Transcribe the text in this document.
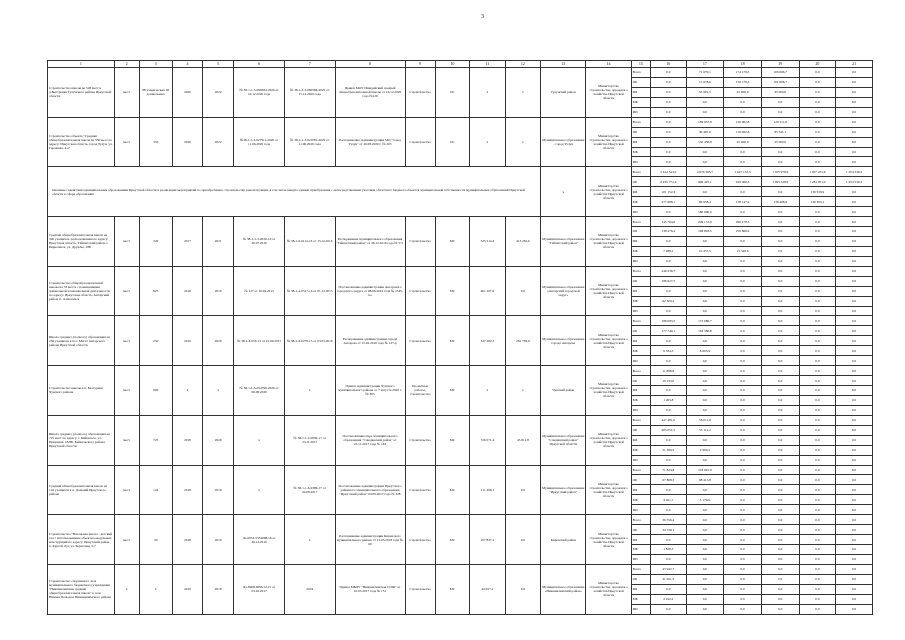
3
1	2	3	4	5	6	7	8	9	10	11	12	13	14	15	16	17	18	19	20	21
Строительство школы на 528 мест в д.Быстровка Тулунского района Иркутской области	мест	88 ученических 40 дошкольных	2020	2022	№ 38-1-1-3-069584-2020 от 10.12.2020 года	№ 38-1-1-3-069584-2020 от 15.12.2020 года	Приказ МОУ Ишидейский средней общеобразовательной школы от 16.12.2020 года №120	Строительство	ОС	х	х	Тулунский район	Министерство строительства, дорожного хозяйства Иркутской области	Всего	0,0	71 670,1	174 179,5	106 666,7	0,0	0,0
														ОБ	0,0	15 678,6	159 179,5	101 666,7	0,0	0,0
														ФБ	0,0	55 991,5	45 000,0	45 000,0	0,0	0,0
														МБ	0,0	0,0	0,0	0,0	0,0	0,0
														ИИ	0,0	0,0	0,0	0,0	0,0	0,0
Строительство объекта "Средняя общеобразовательная школа на 350 мест по адресу: Иркутская область, город Тулун, ул. Гаражная, 4-а"	мест	350	2020	2022	№38-1-1-3-027911-2020 от 11.06.2020 года	№ 38-1-1-3-021081-2020 от 11.06.2020 года	Распоряжение Администрации МО "город Тулун" от 26.08.2020 г. № 203	Строительство	ОС	х	х	Муниципальное образование - город Тулун	Министерство строительства, дорожного хозяйства Иркутской области	Всего	0,0	189 937,9	156 962,8	120 511,8	0,0	0,0
														ОБ	0,0	39 487,0	110 962,8	85 541,1	0,0	0,0
														ФБ	0,0	150 450,9	45 000,0	35 000,0	0,0	0,0
														МБ	0,0	0,0	0,0	0,0	0,0	0,0
														ИИ	0,0	0,0	0,0	0,0	0,0	0,0
Оказание содействия муниципальным образованиям Иркутской области в реализации мероприятий по приобретению, строительству, реконструкции, в том числе выкупа зданий, приобретения с непосредственным участием областного бюджета объектов муниципальной собственности муниципальных образований Иркутской области в сфере образования												х	Министерство строительства, дорожного хозяйства Иркутской области	Всего	2 614 543,0	4 676 393,7	1 647 153,5	1 355 978,9	1 057 472,6	1 054 539,2
														ОБ	2 235 772,4	999 425,1	929 066,3	1 093 528,9	1 281 951,0	1 054 539,2
														ФБ	101 152,3	0,0	0,0	0,0	136 539,9	0,0
														МБ	277 688,1	96 958,4	118 147,0	138 408,9	140 305,1	0,0
														ИИ	0,0	180 000,0	0,0	0,0	0,0	0,0
Средняя общеобразовательная школа на 320 учащихся, расположенная по адресу: Иркутская область, Тайшетский район, г. Бирюсинск, ул. Дружбы, 18Б	мест	320	2017	2021	№ 38-1-1-3-0030-16 от 20.07.2016	№ 38-1-6-0114-16 от 13.12.2016	Распоряжение муниципального образования "Тайшетский район" от 26.12.2016 года № 571	Строительство	МС	525 514,4	413 262,6	Муниципальное образование "Тайшетский район"	Министерство строительства, дорожного хозяйства Иркутской области	Всего	145 764,6	209 151,0	266 176,5	0,0	0,0	0,0
														ОБ	138 476,4	198 693,5	259 866,0	0,0	0,0	0,0
														ФБ	0,0	0,0	0,0	0,0	0,0	0,0
														МБ	7 288,2	10 457,5	15 348,6	0,0	0,0	0,0
														ИИ	0,0	0,0	0,0	0,0	0,0	0,0
Строительство общеобразовательной школы на 33 места с помещениями дошкольной и внешкольной деятельности по адресу: Иркутская область, Ангарский район, п. Алексеевск	мест	825	2016	2019	№ 127 от 18.04.2013	№ 38-1-4-0317-16 от 01.12.2015	Постановление администрации Ангарского городского округа от 08.06.2016 года № 1545-па	Строительство	МС	601 267,6	0,0	Муниципальное образование «Ангарский городской округ»	Министерство строительства, дорожного хозяйства Иркутской области	Всего	249 236,7	0,0	0,0	0,0	0,0	0,0
														ОБ	186 927,5	0,0	0,0	0,0	0,0	0,0
														ФБ	0,0	0,0	0,0	0,0	0,0	0,0
														МБ	62 309,2	0,0	0,0	0,0	0,0	0,0
														ИИ	0,0	0,0	0,0	0,0	0,0	0,0
Школа среднего (полного) образования на 250 учащихся в пос. Мегет Ангарского района Иркутской области	мест	250	2016	2020	№ 38-1-4-050-13 от 21.09.2015	№ 38-1-4-0279-13 от 03.03.2016	Распоряжение администрации города Ангарска от 15.02.2016 года № 127-р	Строительство	МС	347 282,5	281 782,9	Муниципальное образование города Ангарска	Министерство строительства, дорожного хозяйства Иркутской области	Всего	186 083,5	172 086,7	0,0	0,0	0,0	0,0
														ОБ	177 749,1	163 380,8	0,0	0,0	0,0	0,0
														ФБ	0,0	0,0	0,0	0,0	0,0	0,0
														МБ	9 334,3	8 605,9	0,0	0,0	0,0	0,0
														ИИ	0,0	0,0	0,0	0,0	0,0	0,0
Строительство школы в п. Балтурино Чунского района	мест	900	х	х	№ 38-1-1-3-054796-2020 от 06.08.2020	х	Приказ Администрации Чунского муниципального района от 7 августа 2020 г. № 305	Проектные работы, строительство	МС	х	х	Чунский район	Министерство строительства, дорожного хозяйства Иркутской области	Всего	11 898,8	0,0	0,0	0,0	0,0	0,0
														ОБ	10 233,0	0,0	0,0	0,0	0,0	0,0
														ФБ	0,0	0,0	0,0	0,0	0,0	0,0
														МБ	1 265,8	0,0	0,0	0,0	0,0	0,0
														ИИ	0,0	0,0	0,0	0,0	0,0	0,0
Школа среднего (полного) образования на 725 мест по адресу: г. Байкальск, ул. Ирвуница, 18/8Б, Байкальского района Иркутской области	мест	725	2018	2020	х	№ 38-1-1-2-0009-17 от 23.11.2017	Постановление мэра муниципального образования "Слюдянский район" от 22.11.2017 года № 163	Строительство	МС	726 071,4	45 811,8	Муниципальное образование "Слюдянский район" Иркутской области	Министерство строительства, дорожного хозяйства Иркутской области	Всего	427 481,0	58 011,8	0,0	0,0	0,0	0,0
														ОБ	405 051,5	55 111,2	0,0	0,0	0,0	0,0
														ФБ	0,0	0,0	0,0	0,0	0,0	0,0
														МБ	21 399,5	2 900,5	0,0	0,0	0,0	0,0
														ИИ	0,0	0,0	0,0	0,0	0,0	0,0
Средняя общеобразовательная школа на 124 учащихся в п. Дальний Иркутского района	мест	124	2018	2019	х	№ 38-1-1-6-0386-17 от 24.08.2017	Постановление администрации Иркутского районного муниципального образования "Иркутский район" 04.09.2017 года № 328	Строительство	МС	211 266,1	0,0	Муниципальное образование "Иркутский район"	Министерство строительства, дорожного хозяйства Иркутской области	Всего	71 824,8	103 091,8	0,0	0,0	0,0	0,0
														ОБ	67 808,3	98 413,8	0,0	0,0	0,0	0,0
														ФБ	0,0	0,0	0,0	0,0	0,0	0,0
														МБ	4 021,7	5 179,6	0,0	0,0	0,0	0,0
														ИИ	0,0	0,0	0,0	0,0	0,0	0,0
Строительство "Начальная школа - детский сад с использованием объектно-модульных конструкций по адресу: Иркутский район, п. Крутой Луг, ул. Береговая, 21"	мест	50	2018	2019	Дз-0053-5534098/16 от 26.12.2016	х	Распоряжение администрации Киренского муниципального района от 13.03.2018 года № 60	Строительство	МС	107 837,2	0,0	Киренский район	Министерство строительства, дорожного хозяйства Иркутской области	Всего	36 556,4	0,0	0,0	0,0	0,0	0,0
														ОБ	34 728,1	0,0	0,0	0,0	0,0	0,0
														ФБ	0,0	0,0	0,0	0,0	0,0	0,0
														МБ	1 828,3	0,0	0,0	0,0	0,0	0,0
														ИИ	0,0	0,0	0,0	0,0	0,0	0,0
Строительство спортивного зала муниципального бюджетного учреждения "Нижнеилимская средняя общеобразовательная школа" в селе Нижнее Бельское Нижнеилимского района	х	х	2019	2019	Дз-0908-9096/12.15 от 03.02.2017	2019	Приказ МБОУ "Нижнеилимская СОШ" от 10.05.2017 года № 151	Строительство	МС	44 657,2	0,0	Муниципальное образование «Нижнеилимский район»	Министерство строительства, дорожного хозяйства Иркутской области	Всего	43 942,7	0,0	0,0	0,0	0,0	0,0
														ОБ	41 651,5	0,0	0,0	0,0	0,0	0,0
														ФБ	0,0	0,0	0,0	0,0	0,0	0,0
														МБ	2 192,2	0,0	0,0	0,0	0,0	0,0
														ИИ	0,0	0,0	0,0	0,0	0,0	0,0
